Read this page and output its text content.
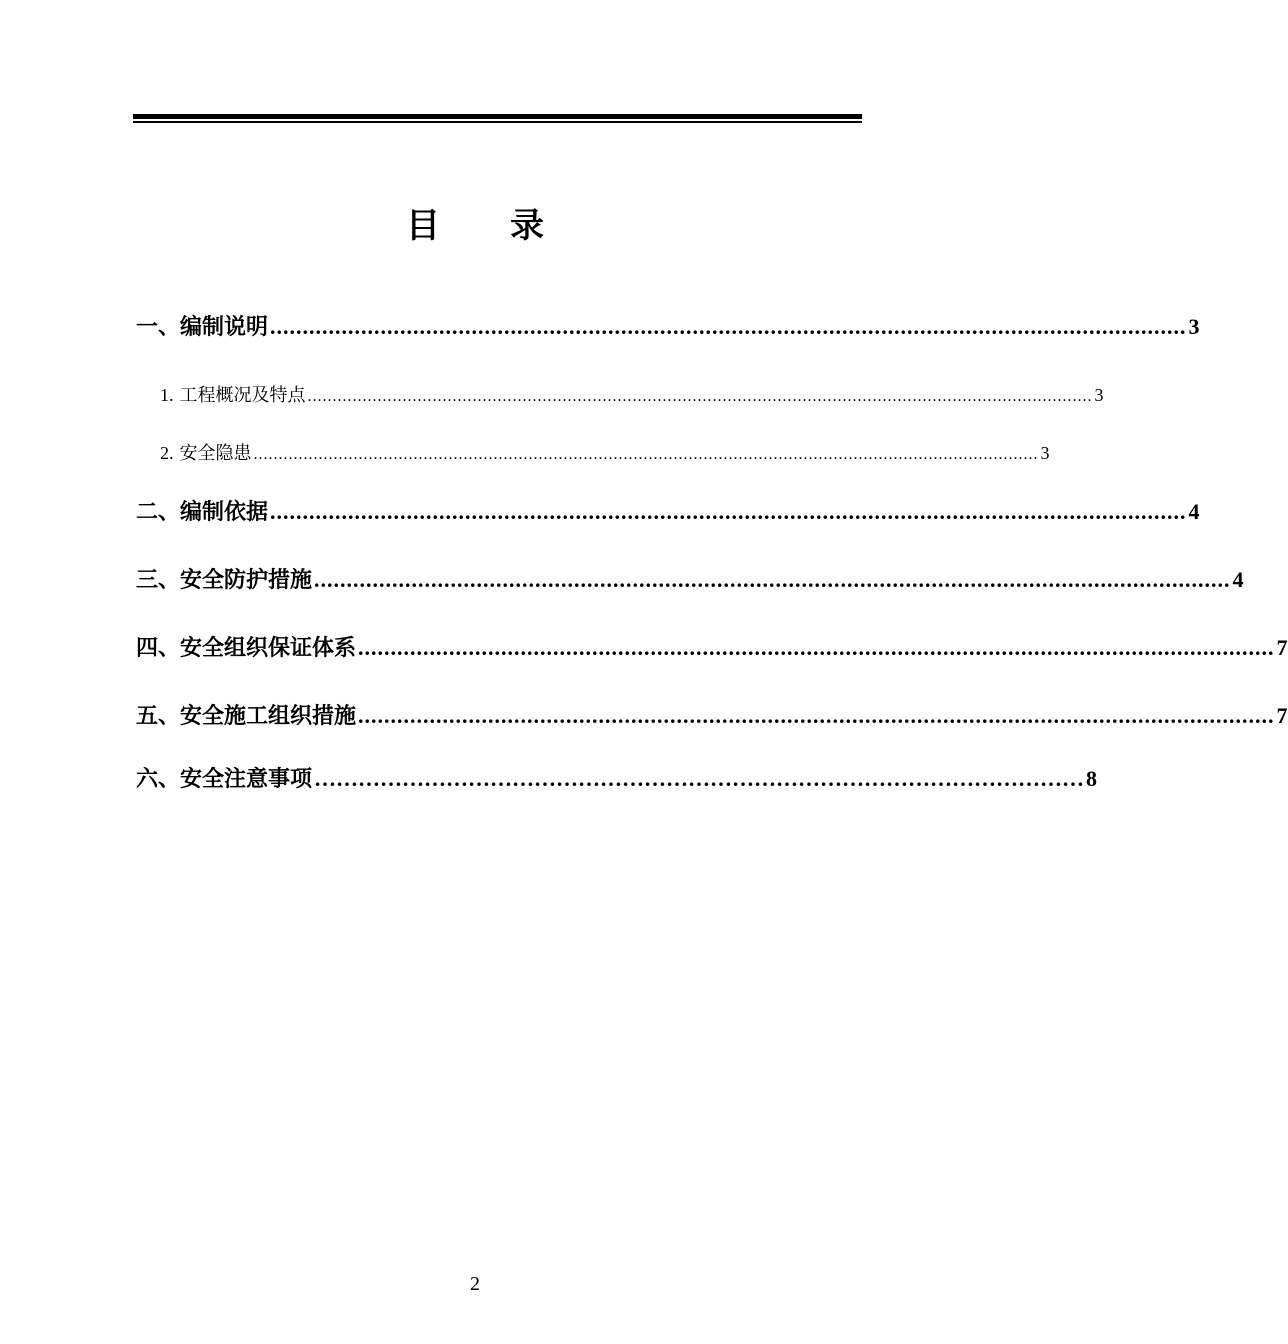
目 录
一、编制说明 ............................................................................................................................................. 3
1. 工程概况及特点 ............................................................................................................................................................. 3
2. 安全隐患 ............................................................................................................................................................. 3
二、编制依据 ............................................................................................................................................. 4
三、安全防护措施 ............................................................................................................................................. 4
四、安全组织保证体系 ............................................................................................................................................. 7
五、安全施工组织措施 ............................................................................................................................................. 7
六、安全注意事项 …………………………………………………………………………………………… 8
2
